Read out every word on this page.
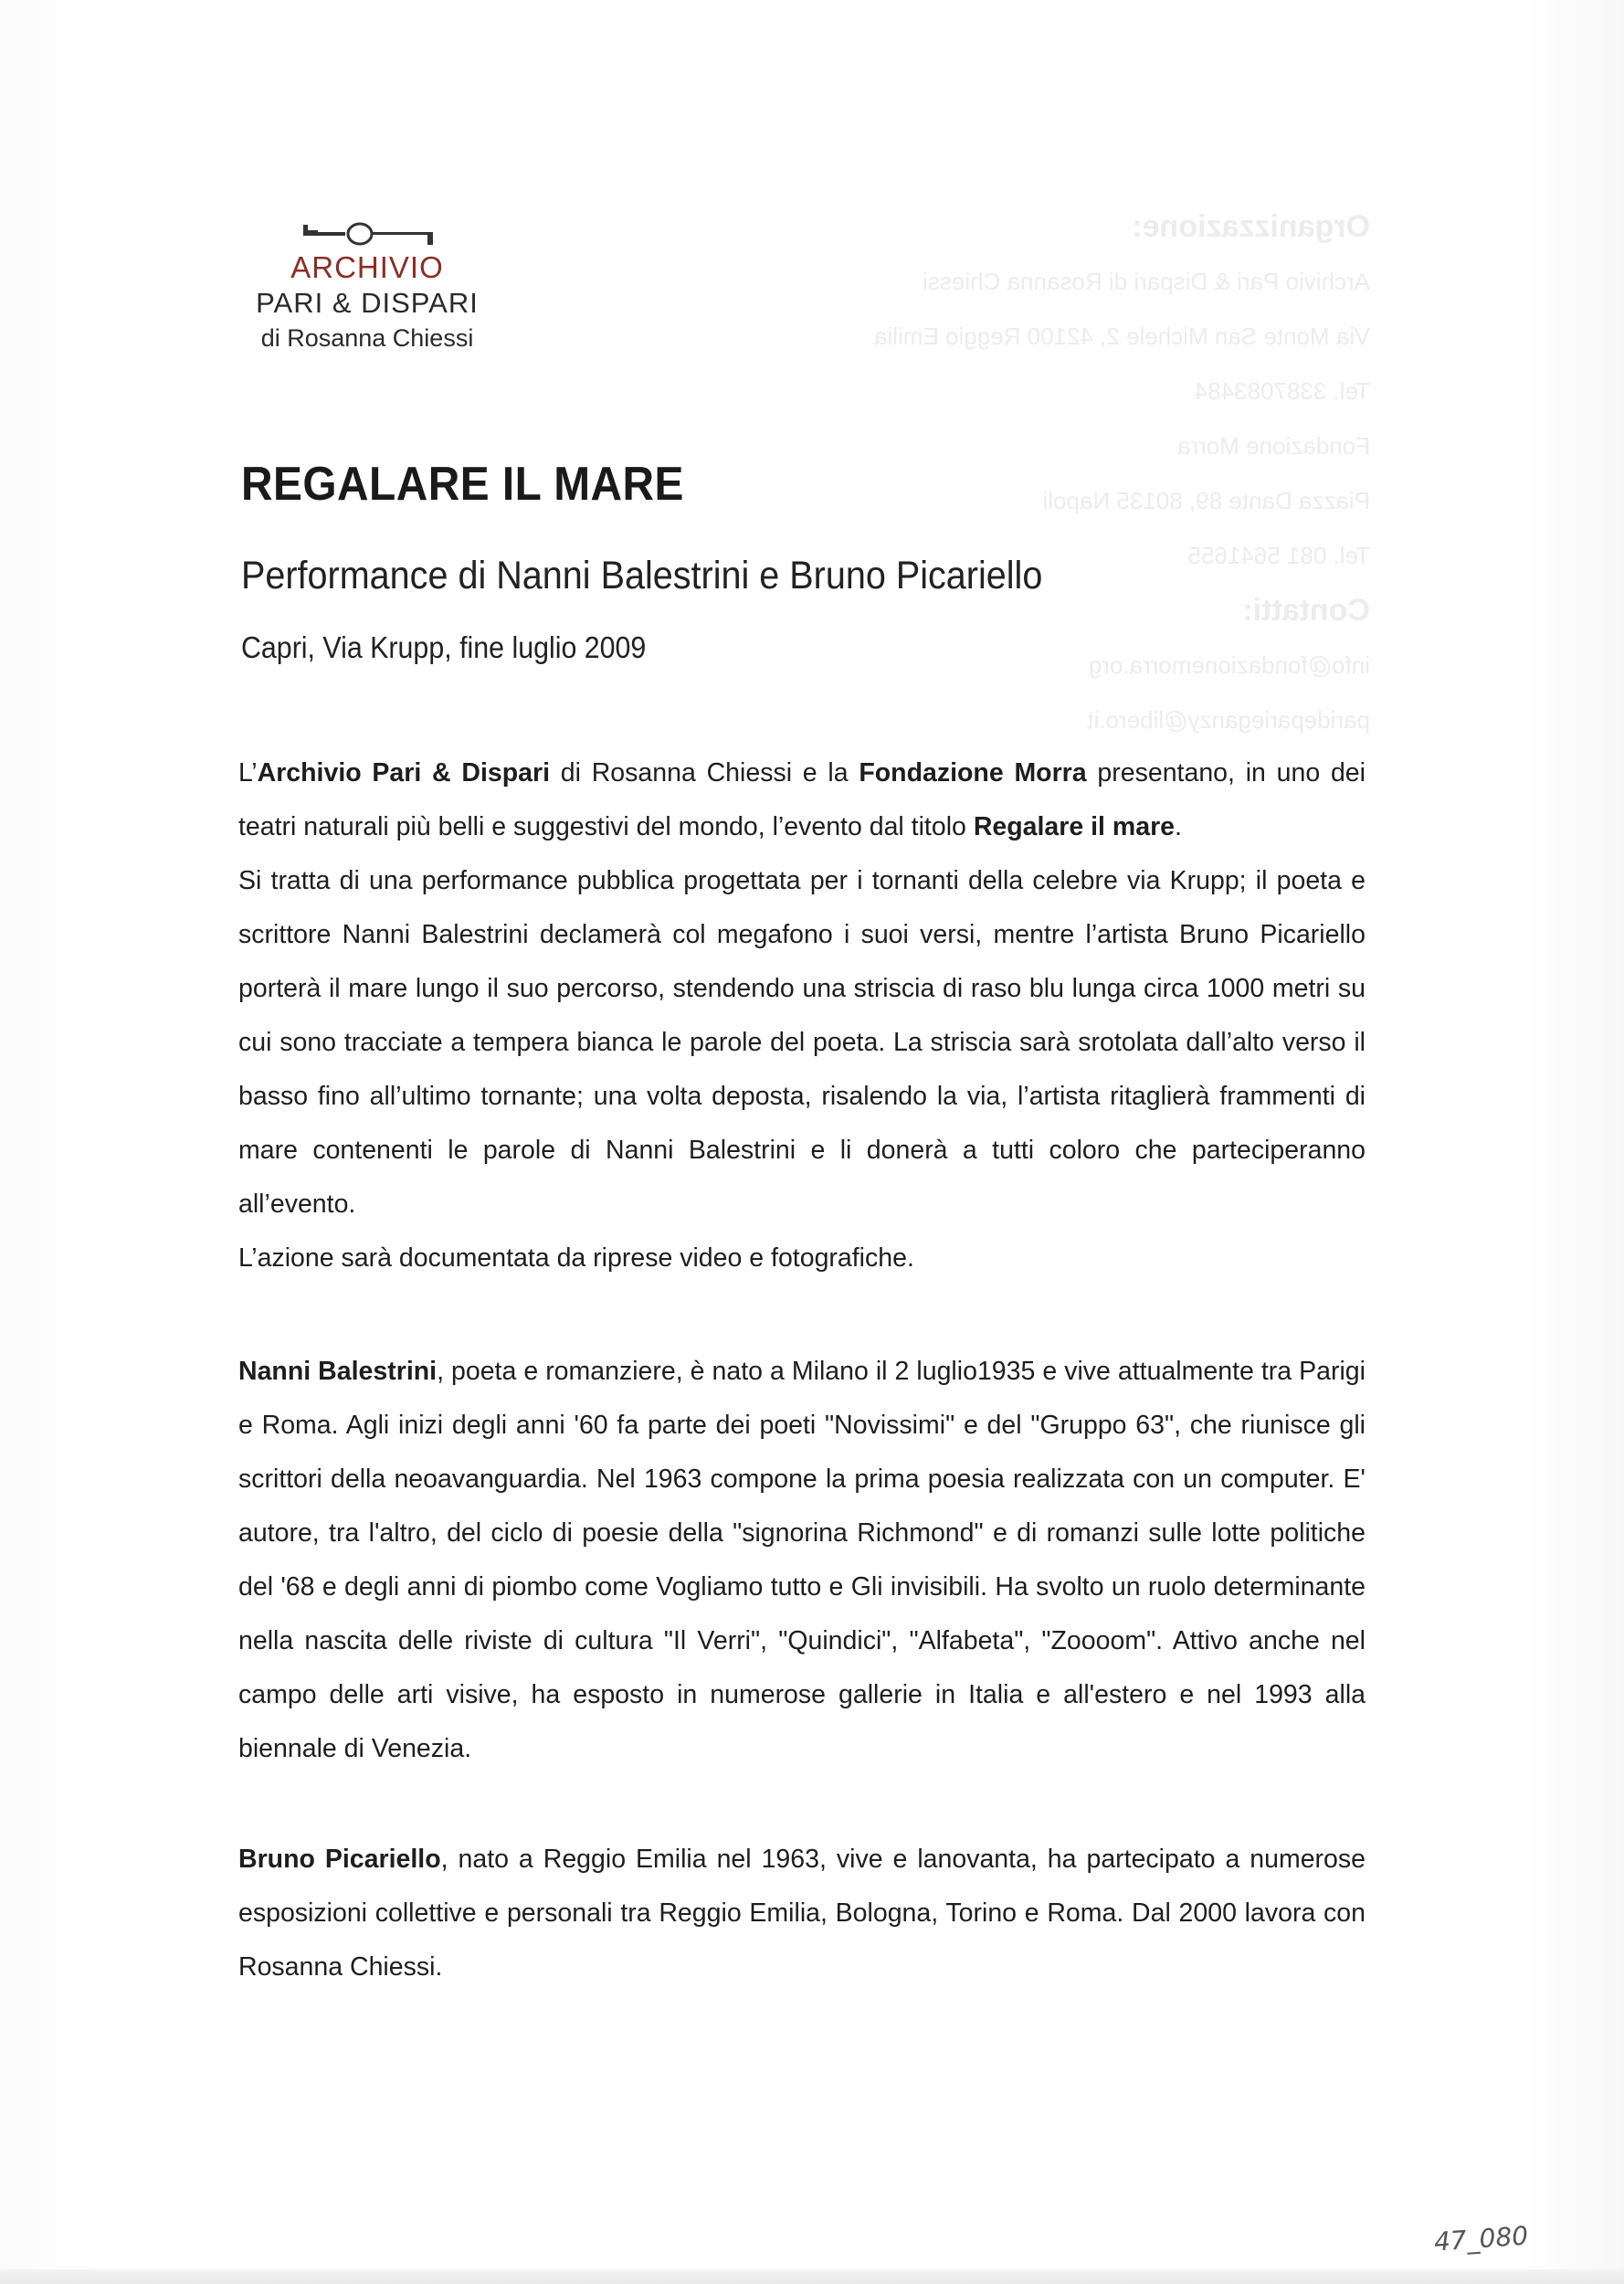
ARCHIVIO
PARI & DISPARI
di Rosanna Chiessi
Organizzazione:
Archivio Pari & Dispari di Rosanna Chiessi
Via Monte San Michele 2, 42100 Reggio Emilia
Tel. 3387083484
Fondazione Morra
Piazza Dante 89, 80135 Napoli
Tel. 081 5641655
Contatti:
info@fondazionemorra.org
parideparieganzy@libero.it
REGALARE IL MARE
Performance di Nanni Balestrini e Bruno Picariello
Capri, Via Krupp, fine luglio 2009

L’Archivio Pari & Dispari di Rosanna Chiessi e la Fondazione Morra presentano, in uno dei teatri naturali più belli e suggestivi del mondo, l’evento dal titolo Regalare il mare.

Si tratta di una performance pubblica progettata per i tornanti della celebre via Krupp; il poeta e scrittore Nanni Balestrini declamerà col megafono i suoi versi, mentre l’artista Bruno Picariello porterà il mare lungo il suo percorso, stendendo una striscia di raso blu lunga circa 1000 metri su cui sono tracciate a tempera bianca le parole del poeta. La striscia sarà srotolata dall’alto verso il basso fino all’ultimo tornante; una volta deposta, risalendo la via, l’artista ritaglierà frammenti di mare contenenti le parole di Nanni Balestrini e li donerà a tutti coloro che parteciperanno all’evento.

L’azione sarà documentata da riprese video e fotografiche.

Nanni Balestrini, poeta e romanziere, è nato a Milano il 2 luglio1935 e vive attualmente tra Parigi e Roma. Agli inizi degli anni '60 fa parte dei poeti "Novissimi" e del "Gruppo 63", che riunisce gli scrittori della neoavanguardia. Nel 1963 compone la prima poesia realizzata con un computer. E' autore, tra l'altro, del ciclo di poesie della "signorina Richmond" e di romanzi sulle lotte politiche del '68 e degli anni di piombo come Vogliamo tutto e Gli invisibili. Ha svolto un ruolo determinante nella nascita delle riviste di cultura "Il Verri", "Quindici", "Alfabeta", "Zoooom". Attivo anche nel campo delle arti visive, ha esposto in numerose gallerie in Italia e all'estero e nel 1993 alla biennale di Venezia.

Bruno Picariello, nato a Reggio Emilia nel 1963, vive e lanovanta, ha partecipato a numerose esposizioni collettive e personali tra Reggio Emilia, Bologna, Torino e Roma. Dal 2000 lavora con Rosanna Chiessi.

47_080
